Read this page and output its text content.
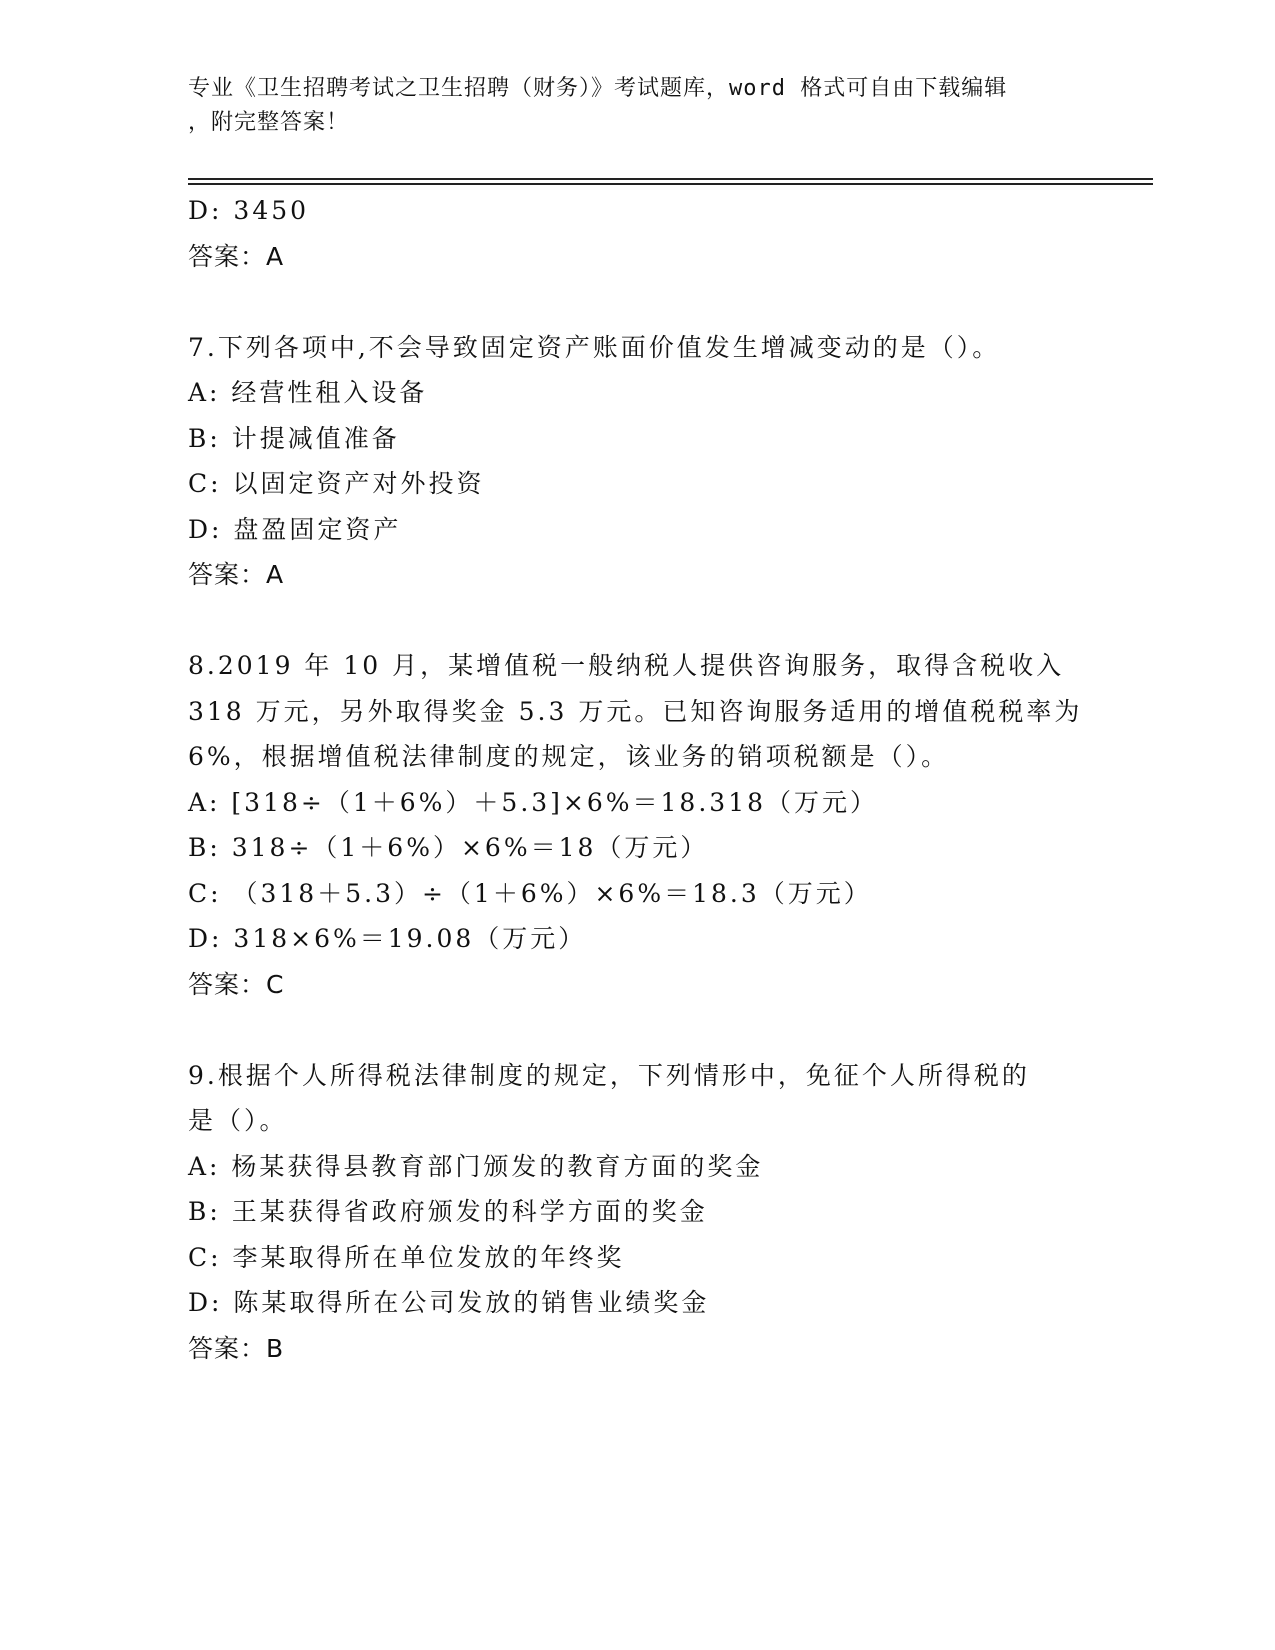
专业《卫生招聘考试之卫生招聘（财务）》考试题库，word 格式可自由下载编辑
，附完整答案！
D: 3450
答案：A
7.下列各项中,不会导致固定资产账面价值发生增减变动的是（）。
A: 经营性租入设备
B: 计提减值准备
C: 以固定资产对外投资
D: 盘盈固定资产
答案：A
8.2019 年 10 月，某增值税一般纳税人提供咨询服务，取得含税收入
318 万元，另外取得奖金 5.3 万元。已知咨询服务适用的增值税税率为
6%，根据增值税法律制度的规定，该业务的销项税额是（）。
A: [318÷（1＋6%）＋5.3]×6%＝18.318（万元）
B: 318÷（1＋6%）×6%＝18（万元）
C: （318＋5.3）÷（1＋6%）×6%＝18.3（万元）
D: 318×6%＝19.08（万元）
答案：C
9.根据个人所得税法律制度的规定，下列情形中，免征个人所得税的
是（）。
A: 杨某获得县教育部门颁发的教育方面的奖金
B: 王某获得省政府颁发的科学方面的奖金
C: 李某取得所在单位发放的年终奖
D: 陈某取得所在公司发放的销售业绩奖金
答案：B
